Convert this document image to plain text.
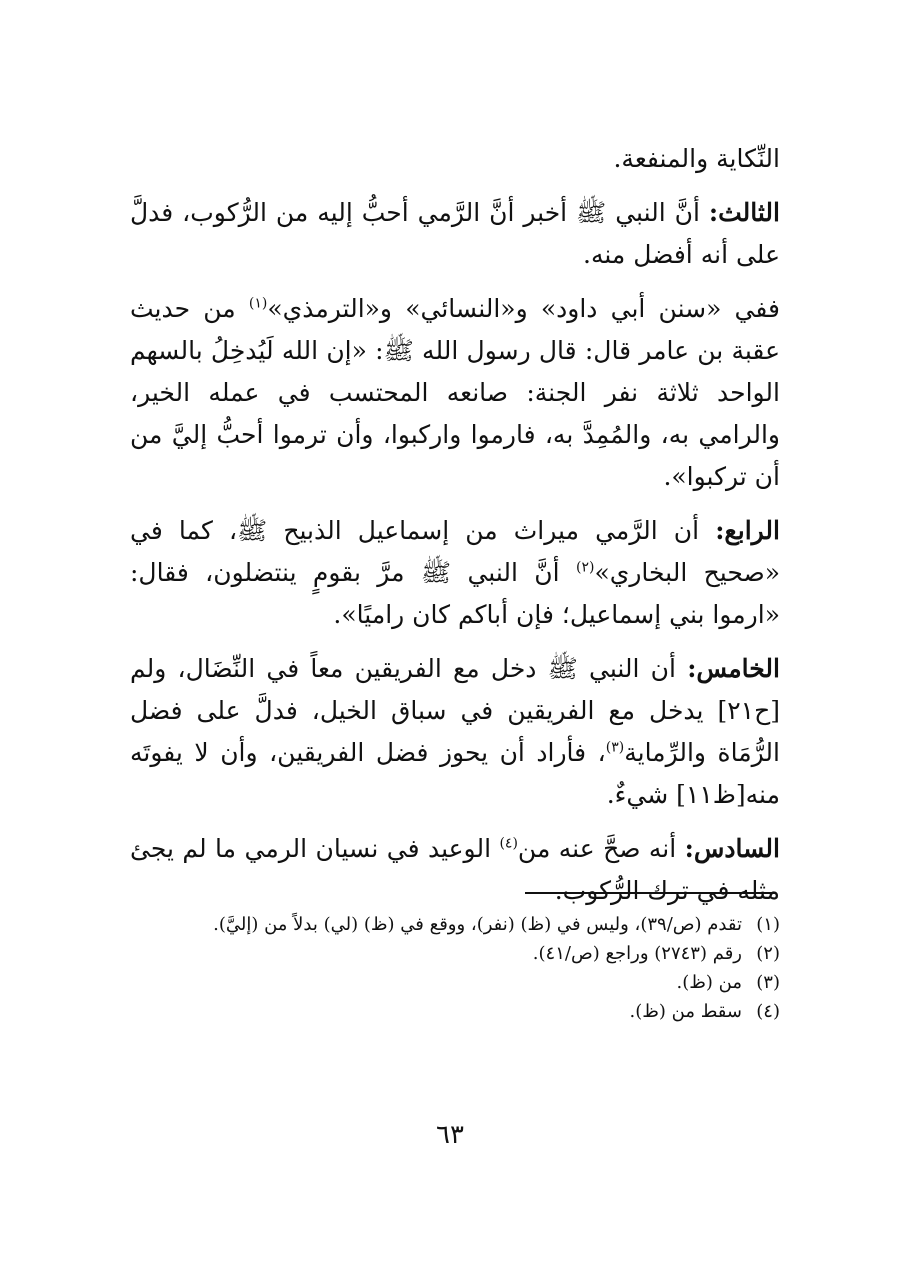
النِّكاية والمنفعة.

الثالث: أنَّ النبي ﷺ أخبر أنَّ الرَّمي أحبُّ إليه من الرُّكوب، فدلَّ على أنه أفضل منه.

ففي «سنن أبي داود» و«النسائي» و«الترمذي»$^{(١)}$ من حديث عقبة بن عامر قال: قال رسول الله ﷺ: «إن الله لَيُدخِلُ بالسهم الواحد ثلاثة نفر الجنة: صانعه المحتسب في عمله الخير، والرامي به، والمُمِدَّ به، فارموا واركبوا، وأن ترموا أحبُّ إليَّ من أن تركبوا».

الرابع: أن الرَّمي ميراث من إسماعيل الذبيح ﷺ، كما في «صحيح البخاري»$^{(٢)}$ أنَّ النبي ﷺ مرَّ بقومٍ ينتضلون، فقال: «ارموا بني إسماعيل؛ فإن أباكم كان راميًا».

الخامس: أن النبي ﷺ دخل مع الفريقين معاً في النِّضَال، ولم [ح٢١] يدخل مع الفريقين في سباق الخيل، فدلَّ على فضل الرُّمَاة والرِّماية$^{(٣)}$، فأراد أن يحوز فضل الفريقين، وأن لا يفوتَه منه[ظ١١] شيءٌ.

السادس: أنه صحَّ عنه من$^{(٤)}$ الوعيد في نسيان الرمي ما لم يجئ مثله في ترك الرُّكوب.

(١)
تقدم (ص/٣٩)، وليس في (ظ) (نفر)، ووقع في (ظ) (لي) بدلاً من (إليَّ).
(٢)
رقم (٢٧٤٣) وراجع (ص/٤١).
(٣)
من (ظ).
(٤)
سقط من (ظ).
٦٣
